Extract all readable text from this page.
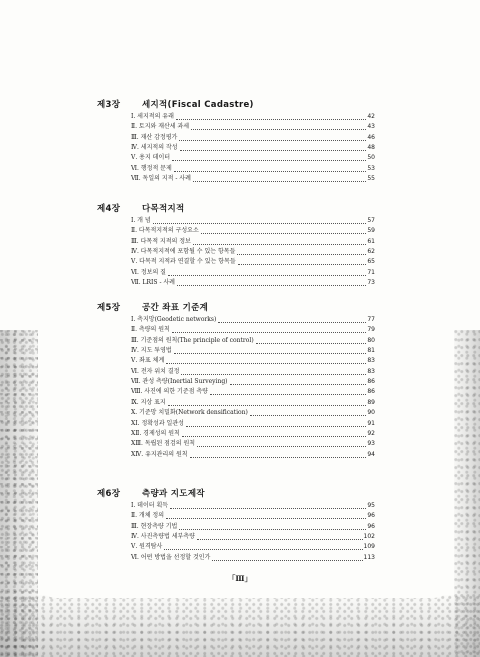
제3장	세지적(Fiscal Cadastre)
Ⅰ. 세지적의 유래	42
Ⅱ. 토지와 재산세 과세	43
Ⅲ. 재산 감정평가	46
Ⅳ. 세지적의 작성	48
Ⅴ. 용지 데이터	50
Ⅵ. 행정적 문제	53
Ⅶ. 독일의 지적 - 사례	55
제4장	다목적지적
Ⅰ. 개 념	57
Ⅱ. 다목적지적의 구성요소	59
Ⅲ. 다목적 지적의 정보	61
Ⅳ. 다목적지적에 포함될 수 있는 항목들	62
Ⅴ. 다목적 지적과 연결할 수 있는 항목들	65
Ⅵ. 정보의 질	71
Ⅶ. LRIS - 사례	73
제5장	공간 좌표 기준계
Ⅰ. 측지망(Geodetic networks)	77
Ⅱ. 측량의 원칙	79
Ⅲ. 기준점의 원칙(The principle of control)	80
Ⅳ. 지도 투영법	81
Ⅴ. 좌표 체계	83
Ⅵ. 전자 위치 결정	83
Ⅶ. 관성 측량(Inertial Surveying)	86
Ⅷ. 사진에 의한 기준점 측량	86
Ⅸ. 지상 표지	89
Ⅹ. 기준망 치밀화(Network densification)	90
ⅩⅠ. 정확성과 일관성	91
ⅩⅡ. 경제성의 원칙	92
ⅩⅢ. 독립된 점검의 원칙	93
ⅩⅣ. 유지관리의 원칙	94
제6장	측량과 지도제작
Ⅰ. 데이터 획득	95
Ⅱ. 개체 정의	96
Ⅲ. 현장측량 기법	96
Ⅳ. 사진측량법 세부측량	102
Ⅴ. 원격탐사	109
Ⅵ. 어떤 방법을 선정할 것인가	113
「Ⅲ」
